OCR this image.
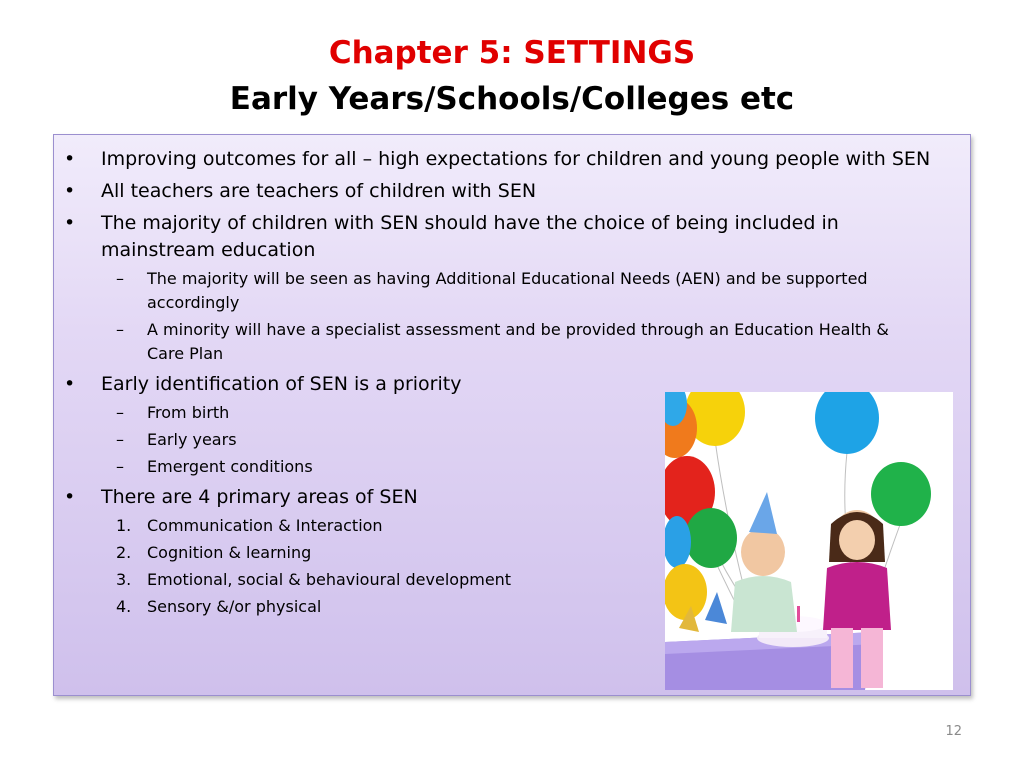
Chapter 5: SETTINGS
Early Years/Schools/Colleges etc
• Improving outcomes for all – high expectations for children and young people with SEN
• All teachers are teachers of children with SEN
• The majority of children with SEN should have the choice of being included in mainstream education
– The majority will be seen as having Additional Educational Needs (AEN) and be supported accordingly
– A minority will have a specialist assessment and be provided through an Education Health & Care Plan
• Early identification of SEN is a priority
– From birth
– Early years
– Emergent conditions
• There are 4 primary areas of SEN
1. Communication & Interaction
2. Cognition & learning
3. Emotional, social & behavioural development
4. Sensory &/or physical
12
